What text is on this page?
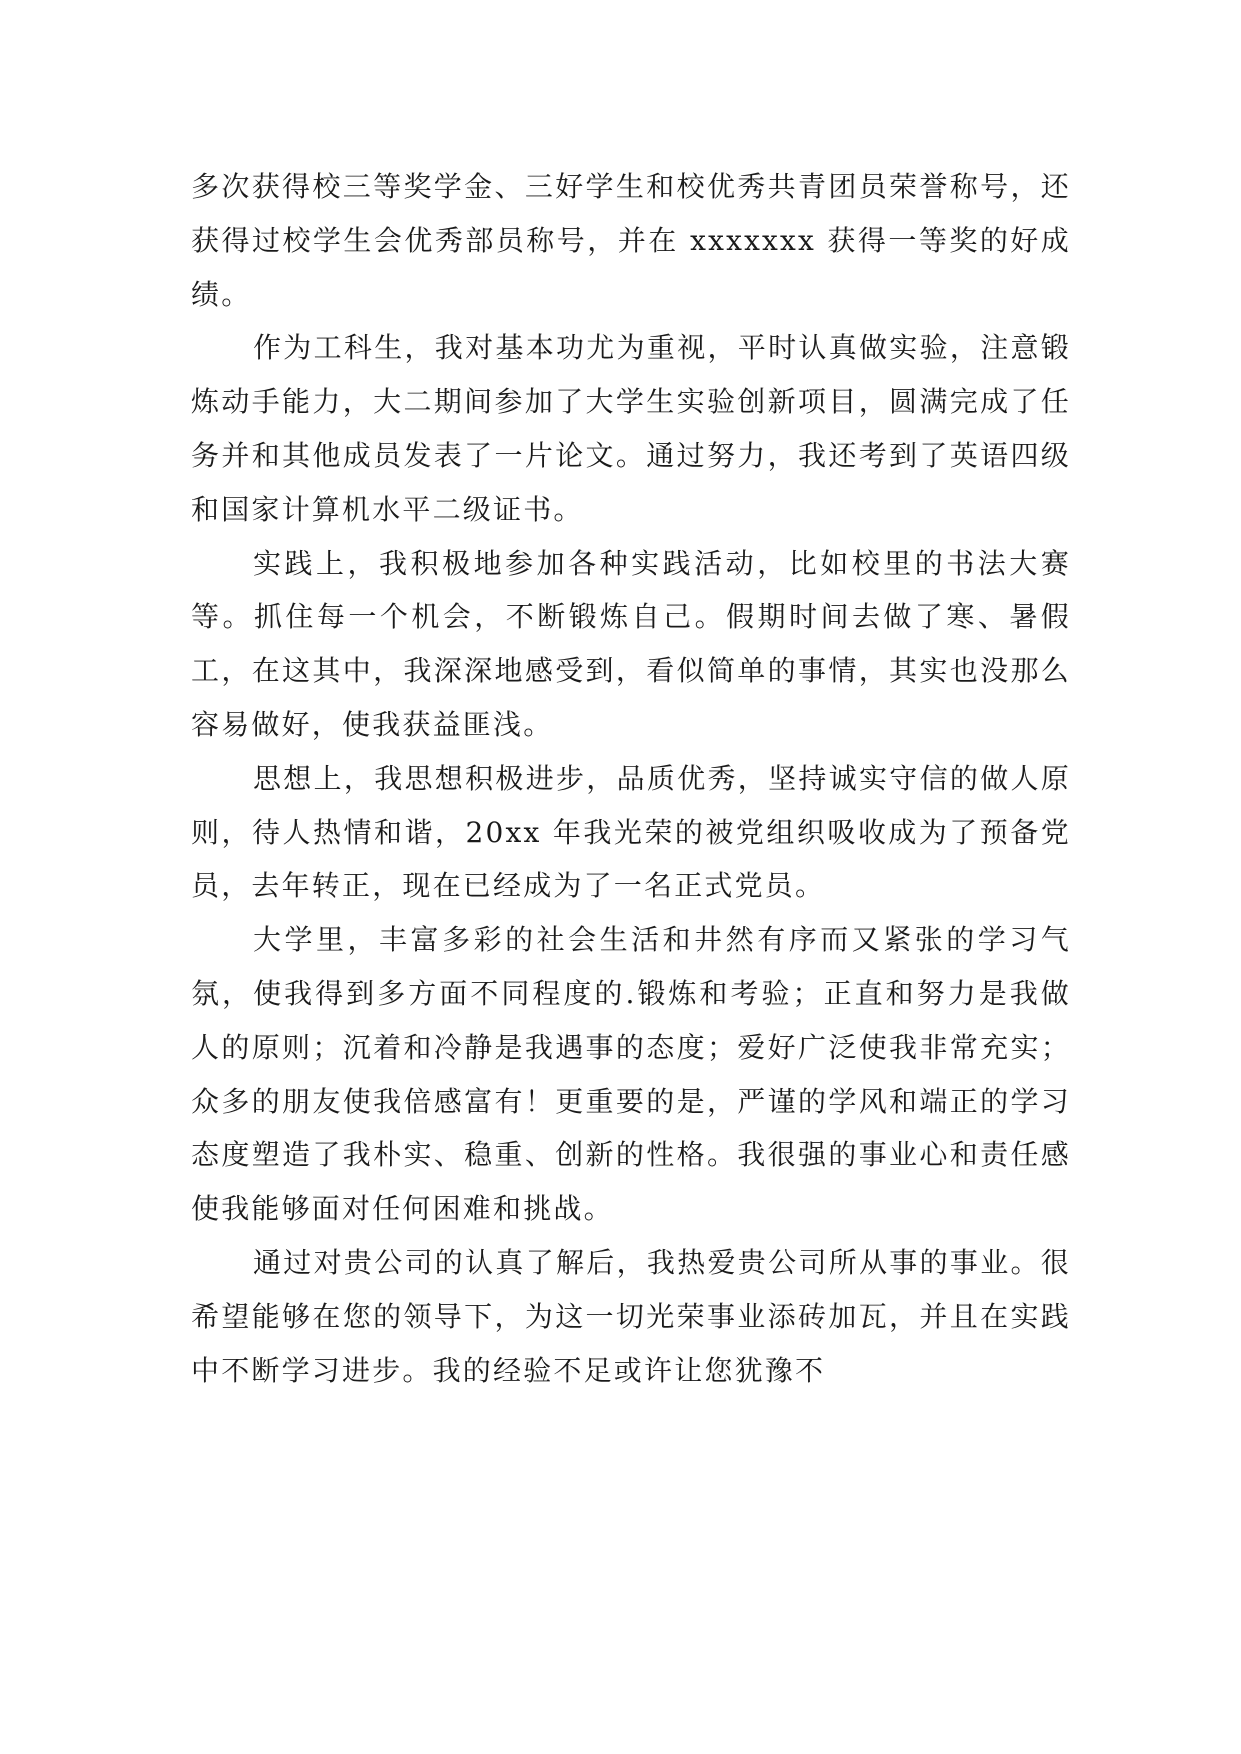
多次获得校三等奖学金、三好学生和校优秀共青团员荣誉称号，还获得过校学生会优秀部员称号，并在 xxxxxxx 获得一等奖的好成绩。

作为工科生，我对基本功尤为重视，平时认真做实验，注意锻炼动手能力，大二期间参加了大学生实验创新项目，圆满完成了任务并和其他成员发表了一片论文。通过努力，我还考到了英语四级和国家计算机水平二级证书。

实践上，我积极地参加各种实践活动，比如校里的书法大赛等。抓住每一个机会，不断锻炼自己。假期时间去做了寒、暑假工，在这其中，我深深地感受到，看似简单的事情，其实也没那么容易做好，使我获益匪浅。

思想上，我思想积极进步，品质优秀，坚持诚实守信的做人原则，待人热情和谐，20xx 年我光荣的被党组织吸收成为了预备党员，去年转正，现在已经成为了一名正式党员。

大学里，丰富多彩的社会生活和井然有序而又紧张的学习气氛，使我得到多方面不同程度的.锻炼和考验；正直和努力是我做人的原则；沉着和冷静是我遇事的态度；爱好广泛使我非常充实；众多的朋友使我倍感富有！更重要的是，严谨的学风和端正的学习态度塑造了我朴实、稳重、创新的性格。我很强的事业心和责任感使我能够面对任何困难和挑战。

通过对贵公司的认真了解后，我热爱贵公司所从事的事业。很希望能够在您的领导下，为这一切光荣事业添砖加瓦，并且在实践中不断学习进步。我的经验不足或许让您犹豫不
